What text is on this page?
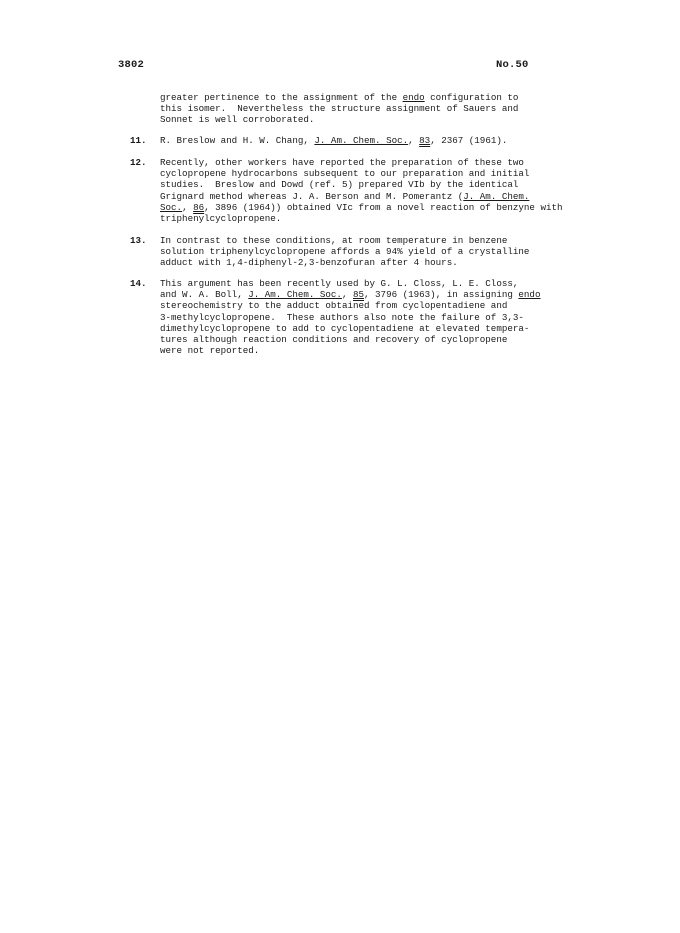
3802	No.50
greater pertinence to the assignment of the endo configuration to
this isomer.  Nevertheless the structure assignment of Sauers and
Sonnet is well corroborated.
11. R. Breslow and H. W. Chang, J. Am. Chem. Soc., 83, 2367 (1961).
12. Recently, other workers have reported the preparation of these two
cyclopropene hydrocarbons subsequent to our preparation and initial
studies.  Breslow and Dowd (ref. 5) prepared VIb by the identical
Grignard method whereas J. A. Berson and M. Pomerantz (J. Am. Chem.
Soc., 86, 3896 (1964)) obtained VIc from a novel reaction of benzyne with
triphenylcyclopropene.
13. In contrast to these conditions, at room temperature in benzene
solution triphenylcyclopropene affords a 94% yield of a crystalline
adduct with 1,4-diphenyl-2,3-benzofuran after 4 hours.
14. This argument has been recently used by G. L. Closs, L. E. Closs,
and W. A. Boll, J. Am. Chem. Soc., 85, 3796 (1963), in assigning endo
stereochemistry to the adduct obtained from cyclopentadiene and
3-methylcyclopropene.  These authors also note the failure of 3,3-
dimethylcyclopropene to add to cyclopentadiene at elevated tempera-
tures although reaction conditions and recovery of cyclopropene
were not reported.
